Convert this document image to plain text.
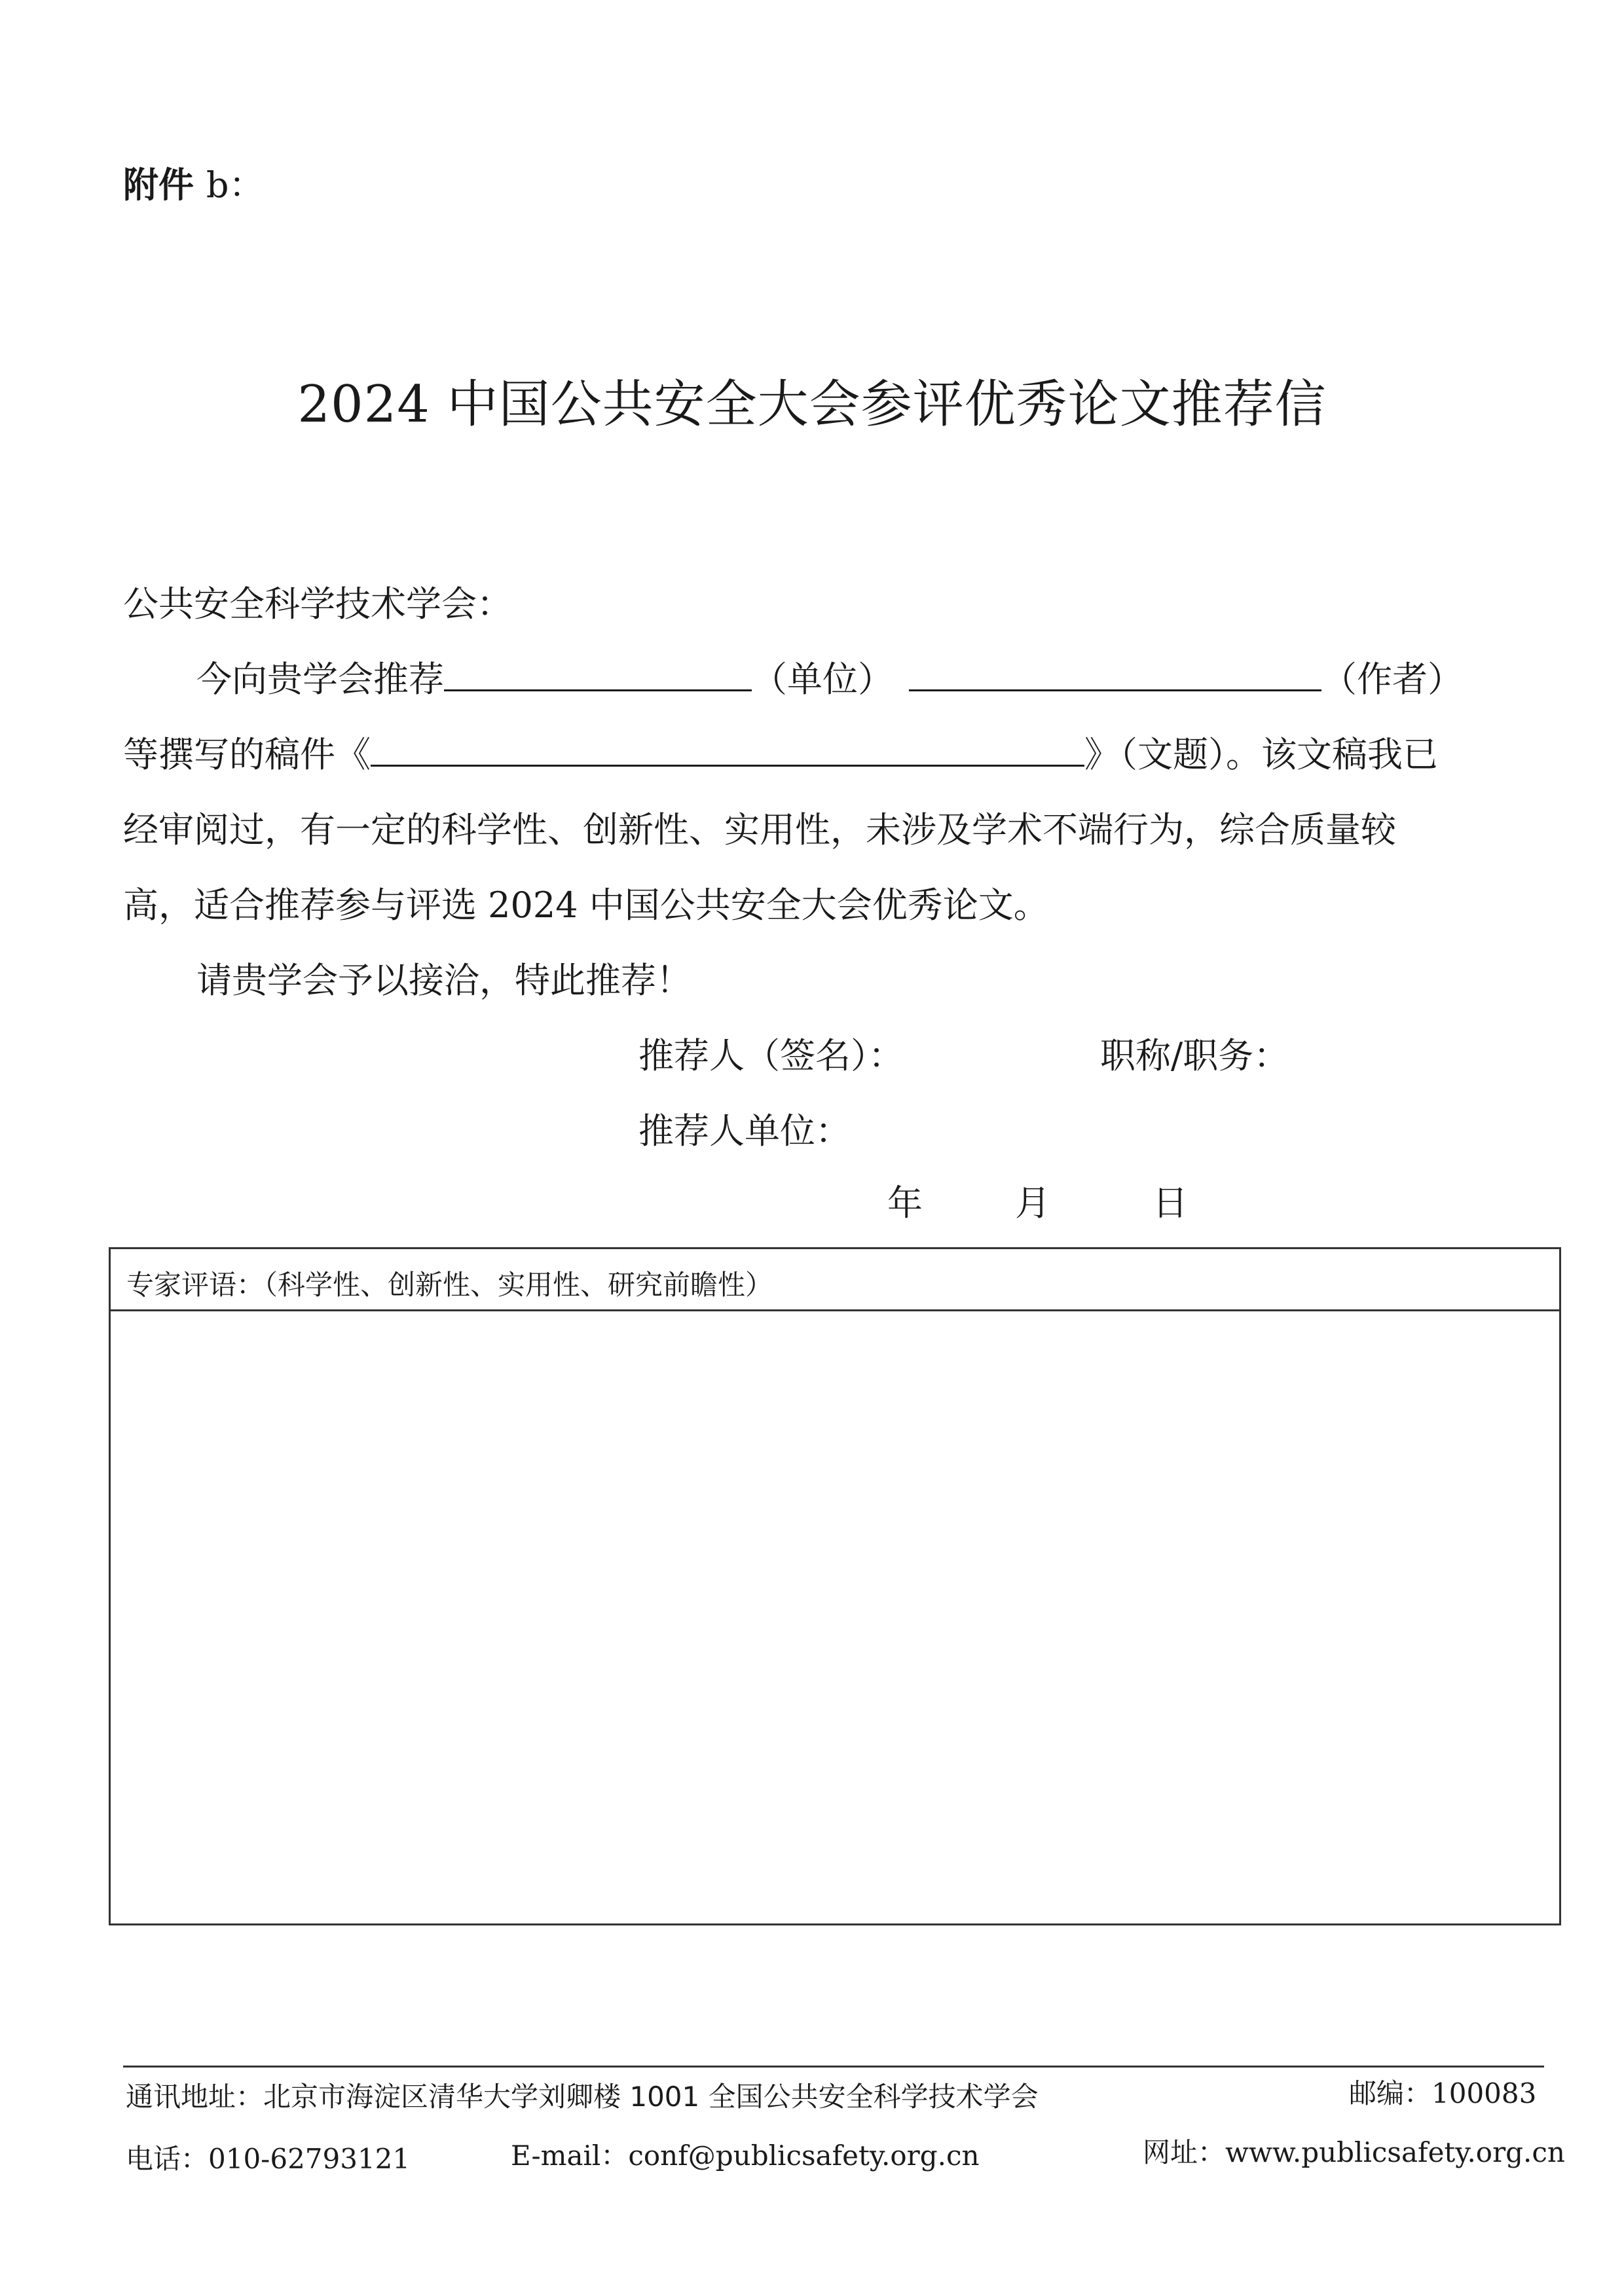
附件 b：
2024 中国公共安全大会参评优秀论文推荐信
公共安全科学技术学会：
今向贵学会推荐	（单位）	（作者）
等撰写的稿件《	》（文题）。该文稿我已
经审阅过，有一定的科学性、创新性、实用性，未涉及学术不端行为，综合质量较
高，适合推荐参与评选 2024 中国公共安全大会优秀论文。
请贵学会予以接洽，特此推荐！
推荐人（签名）：	职称/职务：
推荐人单位：
年	月	日
专家评语：（科学性、创新性、实用性、研究前瞻性）
通讯地址：北京市海淀区清华大学刘卿楼 1001 全国公共安全科学技术学会	邮编：100083
电话：010-62793121	E-mail：conf@publicsafety.org.cn	网址：www.publicsafety.org.cn
